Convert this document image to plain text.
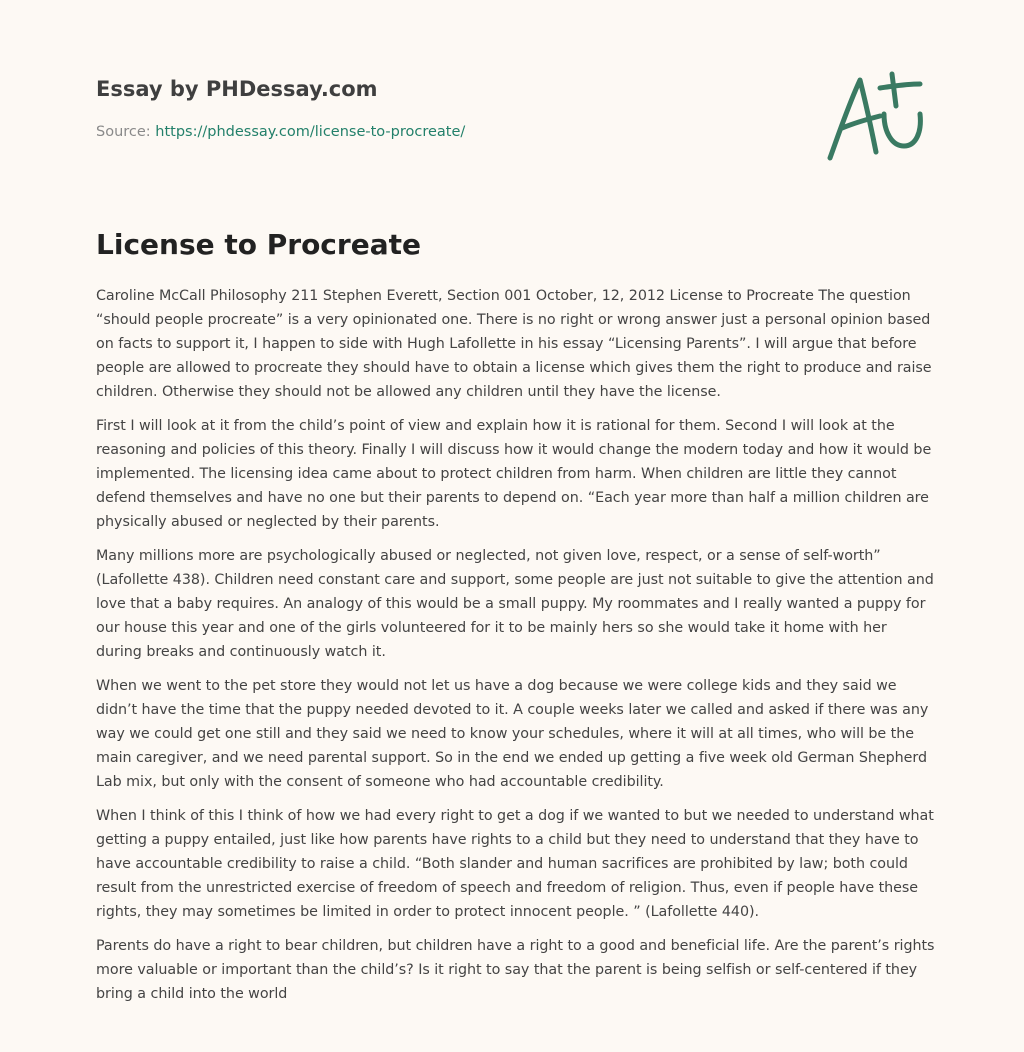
Essay by PHDessay.com
Source: https://phdessay.com/license-to-procreate/
License to Procreate

Caroline McCall Philosophy 211 Stephen Everett, Section 001 October, 12, 2012 License to Procreate The question “should people procreate” is a very opinionated one. There is no right or wrong answer just a personal opinion based on facts to support it, I happen to side with Hugh Lafollette in his essay “Licensing Parents”. I will argue that before people are allowed to procreate they should have to obtain a license which gives them the right to produce and raise children. Otherwise they should not be allowed any children until they have the license.

First I will look at it from the child’s point of view and explain how it is rational for them. Second I will look at the reasoning and policies of this theory. Finally I will discuss how it would change the modern today and how it would be implemented. The licensing idea came about to protect children from harm. When children are little they cannot defend themselves and have no one but their parents to depend on. “Each year more than half a million children are physically abused or neglected by their parents.

Many millions more are psychologically abused or neglected, not given love, respect, or a sense of self-worth” (Lafollette 438). Children need constant care and support, some people are just not suitable to give the attention and love that a baby requires. An analogy of this would be a small puppy. My roommates and I really wanted a puppy for our house this year and one of the girls volunteered for it to be mainly hers so she would take it home with her during breaks and continuously watch it.

When we went to the pet store they would not let us have a dog because we were college kids and they said we didn’t have the time that the puppy needed devoted to it. A couple weeks later we called and asked if there was any way we could get one still and they said we need to know your schedules, where it will at all times, who will be the main caregiver, and we need parental support. So in the end we ended up getting a five week old German Shepherd Lab mix, but only with the consent of someone who had accountable credibility.

When I think of this I think of how we had every right to get a dog if we wanted to but we needed to understand what getting a puppy entailed, just like how parents have rights to a child but they need to understand that they have to have accountable credibility to raise a child. “Both slander and human sacrifices are prohibited by law; both could result from the unrestricted exercise of freedom of speech and freedom of religion. Thus, even if people have these rights, they may sometimes be limited in order to protect innocent people. ” (Lafollette 440).

Parents do have a right to bear children, but children have a right to a good and beneficial life. Are the parent’s rights more valuable or important than the child’s? Is it right to say that the parent is being selfish or self-centered if they bring a child into the world
